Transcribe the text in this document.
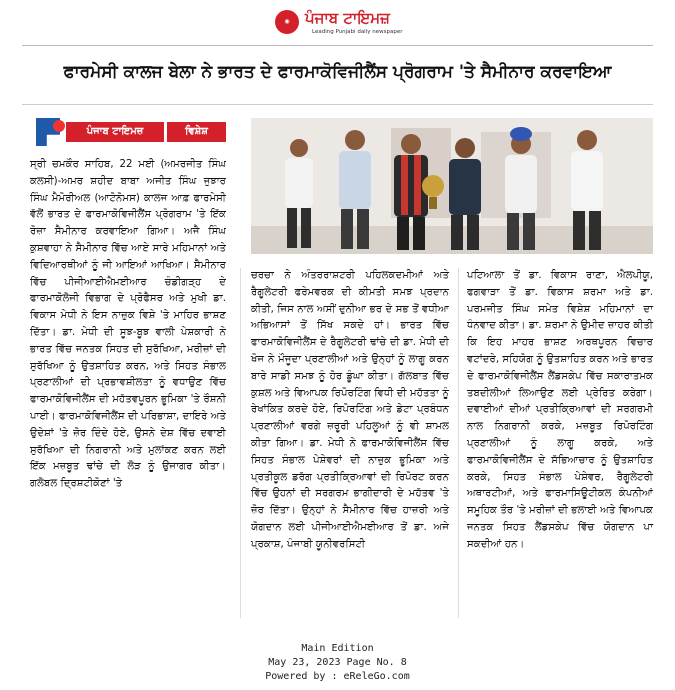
◉	ਪੰਜਾਬ ਟਾਇਮਜ਼
Leading Punjabi daily newspaper
ਫਾਰਮੇਸੀ ਕਾਲਜ ਬੇਲਾ ਨੇ ਭਾਰਤ ਦੇ ਫਾਰਮਾਕੋਵਿਜੀਲੈਂਸ ਪ੍ਰੋਗਰਾਮ 'ਤੇ ਸੈਮੀਨਾਰ ਕਰਵਾਇਆ
ਪੰਜਾਬ ਟਾਇਮਜ਼	ਵਿਸ਼ੇਸ਼

ਸ੍ਰੀ ਚਮਕੌਰ ਸਾਹਿਬ, 22 ਮਈ (ਅਮਰਜੀਤ ਸਿੰਘ ਕਲਸੀ)-ਅਮਰ ਸ਼ਹੀਦ ਬਾਬਾ ਅਜੀਤ ਸਿੰਘ ਜੁਝਾਰ ਸਿੰਘ ਮੈਮੋਰੀਅਲ (ਆਟੋਨੋਮਸ) ਕਾਲਜ ਆਫ਼ ਫਾਰਮੇਸੀ ਵੱਲੋਂ ਭਾਰਤ ਦੇ ਫਾਰਮਾਕੋਵਿਜੀਲੈਂਸ ਪ੍ਰੋਗਰਾਮ 'ਤੇ ਇੱਕ ਰੋਜ਼ਾ ਸੈਮੀਨਾਰ ਕਰਵਾਇਆ ਗਿਆ। ਅਜੈ ਸਿੰਘ ਕੁਸ਼ਵਾਹਾ ਨੇ ਸੈਮੀਨਾਰ ਵਿੱਚ ਆਏ ਸਾਰੇ ਮਹਿਮਾਨਾਂ ਅਤੇ ਵਿਦਿਆਰਥੀਆਂ ਨੂੰ ਜੀ ਆਇਆਂ ਆਖਿਆ। ਸੈਮੀਨਾਰ ਵਿੱਚ ਪੀਜੀਆਈਐਮਈਆਰ ਚੰਡੀਗੜ੍ਹ ਦੇ ਫਾਰਮਾਕੋਲੋਜੀ ਵਿਭਾਗ ਦੇ ਪ੍ਰੋਫੈਸਰ ਅਤੇ ਮੁਖੀ ਡਾ. ਵਿਕਾਸ ਮੇਧੀ ਨੇ ਇਸ ਨਾਜ਼ੁਕ ਵਿਸ਼ੇ 'ਤੇ ਮਾਹਿਰ ਭਾਸ਼ਣ ਦਿੱਤਾ। ਡਾ. ਮੇਧੀ ਦੀ ਸੂਝ-ਬੂਝ ਵਾਲੀ ਪੇਸ਼ਕਾਰੀ ਨੇ ਭਾਰਤ ਵਿੱਚ ਜਨਤਕ ਸਿਹਤ ਦੀ ਸੁਰੱਖਿਆ, ਮਰੀਜ਼ਾਂ ਦੀ ਸੁਰੱਖਿਆ ਨੂੰ ਉਤਸ਼ਾਹਿਤ ਕਰਨ, ਅਤੇ ਸਿਹਤ ਸੰਭਾਲ ਪ੍ਰਣਾਲੀਆਂ ਦੀ ਪ੍ਰਭਾਵਸ਼ੀਲਤਾ ਨੂੰ ਵਧਾਉਣ ਵਿੱਚ ਫਾਰਮਾਕੋਵਿਜੀਲੈਂਸ ਦੀ ਮਹੱਤਵਪੂਰਨ ਭੂਮਿਕਾ 'ਤੇ ਰੌਸ਼ਨੀ ਪਾਈ। ਫਾਰਮਾਕੋਵਿਜੀਲੈਂਸ ਦੀ ਪਰਿਭਾਸ਼ਾ, ਦਾਇਰੇ ਅਤੇ ਉਦੇਸ਼ਾਂ 'ਤੇ ਜ਼ੋਰ ਦਿੰਦੇ ਹੋਏ, ਉਸਨੇ ਦੇਸ਼ ਵਿੱਚ ਦਵਾਈ ਸੁਰੱਖਿਆ ਦੀ ਨਿਗਰਾਨੀ ਅਤੇ ਮੁਲਾਂਕਣ ਕਰਨ ਲਈ ਇੱਕ ਮਜ਼ਬੂਤ ਢਾਂਚੇ ਦੀ ਲੋੜ ਨੂੰ ਉਜਾਗਰ ਕੀਤਾ। ਗਲੋਬਲ ਦ੍ਰਿਸ਼ਟੀਕੋਣਾਂ 'ਤੇ

ਚਰਚਾ ਨੇ ਅੰਤਰਰਾਸ਼ਟਰੀ ਪਹਿਲਕਦਮੀਆਂ ਅਤੇ ਰੈਗੂਲੇਟਰੀ ਫਰੇਮਵਰਕ ਦੀ ਕੀਮਤੀ ਸਮਝ ਪ੍ਰਦਾਨ ਕੀਤੀ, ਜਿਸ ਨਾਲ ਅਸੀਂ ਦੁਨੀਆ ਭਰ ਦੇ ਸਭ ਤੋਂ ਵਧੀਆ ਅਭਿਆਸਾਂ ਤੋਂ ਸਿੱਖ ਸਕਦੇ ਹਾਂ। ਭਾਰਤ ਵਿੱਚ ਫਾਰਮਾਕੋਵਿਜੀਲੈਂਸ ਦੇ ਰੈਗੂਲੇਟਰੀ ਢਾਂਚੇ ਦੀ ਡਾ. ਮੇਧੀ ਦੀ ਖੋਜ ਨੇ ਮੌਜੂਦਾ ਪ੍ਰਣਾਲੀਆਂ ਅਤੇ ਉਨ੍ਹਾਂ ਨੂੰ ਲਾਗੂ ਕਰਨ ਬਾਰੇ ਸਾਡੀ ਸਮਝ ਨੂੰ ਹੋਰ ਡੂੰਘਾ ਕੀਤਾ। ਗੱਲਬਾਤ ਵਿੱਚ ਕੁਸ਼ਲ ਅਤੇ ਵਿਆਪਕ ਰਿਪੋਰਟਿੰਗ ਵਿਧੀ ਦੀ ਮਹੱਤਤਾ ਨੂੰ ਰੇਖਾਂਕਿਤ ਕਰਦੇ ਹੋਏ, ਰਿਪੋਰਟਿੰਗ ਅਤੇ ਡੇਟਾ ਪ੍ਰਬੰਧਨ ਪ੍ਰਣਾਲੀਆਂ ਵਰਗੇ ਜ਼ਰੂਰੀ ਪਹਿਲੂਆਂ ਨੂੰ ਵੀ ਸ਼ਾਮਲ ਕੀਤਾ ਗਿਆ। ਡਾ. ਮੇਧੀ ਨੇ ਫਾਰਮਾਕੋਵਿਜੀਲੈਂਸ ਵਿੱਚ ਸਿਹਤ ਸੰਭਾਲ ਪੇਸ਼ੇਵਰਾਂ ਦੀ ਨਾਜ਼ੁਕ ਭੂਮਿਕਾ ਅਤੇ ਪ੍ਰਤੀਕੂਲ ਡਰੱਗ ਪ੍ਰਤੀਕ੍ਰਿਆਵਾਂ ਦੀ ਰਿਪੋਰਟ ਕਰਨ ਵਿੱਚ ਉਹਨਾਂ ਦੀ ਸਰਗਰਮ ਭਾਗੀਦਾਰੀ ਦੇ ਮਹੱਤਵ 'ਤੇ ਜ਼ੋਰ ਦਿੱਤਾ। ਉਨ੍ਹਾਂ ਨੇ ਸੈਮੀਨਾਰ ਵਿੱਚ ਹਾਜ਼ਰੀ ਅਤੇ ਯੋਗਦਾਨ ਲਈ ਪੀਜੀਆਈਐਮਈਆਰ ਤੋਂ ਡਾ. ਅਜੇ ਪ੍ਰਕਾਸ਼, ਪੰਜਾਬੀ ਯੂਨੀਵਰਸਿਟੀ

ਪਟਿਆਲਾ ਤੋਂ ਡਾ. ਵਿਕਾਸ ਰਾਣਾ, ਐਲਪੀਯੂ, ਫਗਵਾੜਾ ਤੋਂ ਡਾ. ਵਿਕਾਸ ਸ਼ਰਮਾ ਅਤੇ ਡਾ. ਪਰਮਜੀਤ ਸਿੰਘ ਸਮੇਤ ਵਿਸ਼ੇਸ਼ ਮਹਿਮਾਨਾਂ ਦਾ ਧੰਨਵਾਦ ਕੀਤਾ। ਡਾ. ਸ਼ਰਮਾ ਨੇ ਉਮੀਦ ਜ਼ਾਹਰ ਕੀਤੀ ਕਿ ਇਹ ਮਾਹਰ ਭਾਸ਼ਣ ਅਰਥਪੂਰਨ ਵਿਚਾਰ ਵਟਾਂਦਰੇ, ਸਹਿਯੋਗ ਨੂੰ ਉਤਸ਼ਾਹਿਤ ਕਰਨ ਅਤੇ ਭਾਰਤ ਦੇ ਫਾਰਮਾਕੋਵਿਜੀਲੈਂਸ ਲੈਂਡਸਕੇਪ ਵਿੱਚ ਸਕਾਰਾਤਮਕ ਤਬਦੀਲੀਆਂ ਲਿਆਉਣ ਲਈ ਪ੍ਰੇਰਿਤ ਕਰੇਗਾ। ਦਵਾਈਆਂ ਦੀਆਂ ਪ੍ਰਤੀਕ੍ਰਿਆਵਾਂ ਦੀ ਸਰਗਰਮੀ ਨਾਲ ਨਿਗਰਾਨੀ ਕਰਕੇ, ਮਜ਼ਬੂਤ ਰਿਪੋਰਟਿੰਗ ਪ੍ਰਣਾਲੀਆਂ ਨੂੰ ਲਾਗੂ ਕਰਕੇ, ਅਤੇ ਫਾਰਮਾਕੋਵਿਜੀਲੈਂਸ ਦੇ ਸੱਭਿਆਚਾਰ ਨੂੰ ਉਤਸ਼ਾਹਿਤ ਕਰਕੇ, ਸਿਹਤ ਸੰਭਾਲ ਪੇਸ਼ੇਵਰ, ਰੈਗੂਲੇਟਰੀ ਅਥਾਰਟੀਆਂ, ਅਤੇ ਫਾਰਮਾਸਿਊਟੀਕਲ ਕੰਪਨੀਆਂ ਸਮੂਹਿਕ ਤੌਰ 'ਤੇ ਮਰੀਜ਼ਾਂ ਦੀ ਭਲਾਈ ਅਤੇ ਵਿਆਪਕ ਜਨਤਕ ਸਿਹਤ ਲੈਂਡਸਕੇਪ ਵਿੱਚ ਯੋਗਦਾਨ ਪਾ ਸਕਦੀਆਂ ਹਨ।

Main Edition
May 23, 2023 Page No. 8
Powered by : eReleGo.com
